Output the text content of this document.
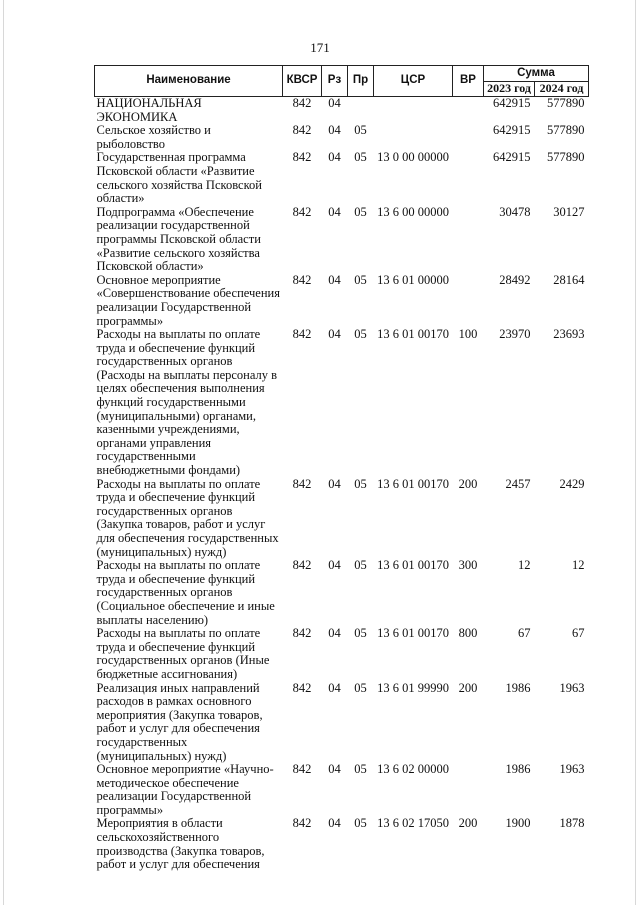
171
Наименование	КВСР	Рз	Пр	ЦСР	ВР	Сумма	
						2023 год	2024 год
НАЦИОНАЛЬНАЯ ЭКОНОМИКА	842	04				642915	577890
Сельское хозяйство и рыболовство	842	04	05			642915	577890
Государственная программа Псковской области «Развитие сельского хозяйства Псковской области»	842	04	05	13 0 00 00000		642915	577890
Подпрограмма «Обеспечение реализации государственной программы Псковской области «Развитие сельского хозяйства Псковской области»	842	04	05	13 6 00 00000		30478	30127
Основное мероприятие «Совершенствование обеспечения реализации Государственной программы»	842	04	05	13 6 01 00000		28492	28164
Расходы на выплаты по оплате труда и обеспечение функций государственных органов (Расходы на выплаты персоналу в целях обеспечения выполнения функций государственными (муниципальными) органами, казенными учреждениями, органами управления государственными внебюджетными фондами)	842	04	05	13 6 01 00170	100	23970	23693
Расходы на выплаты по оплате труда и обеспечение функций государственных органов (Закупка товаров, работ и услуг для обеспечения государственных (муниципальных) нужд)	842	04	05	13 6 01 00170	200	2457	2429
Расходы на выплаты по оплате труда и обеспечение функций государственных органов (Социальное обеспечение и иные выплаты населению)	842	04	05	13 6 01 00170	300	12	12
Расходы на выплаты по оплате труда и обеспечение функций государственных органов (Иные бюджетные ассигнования)	842	04	05	13 6 01 00170	800	67	67
Реализация иных направлений расходов в рамках основного мероприятия (Закупка товаров, работ и услуг для обеспечения государственных (муниципальных) нужд)	842	04	05	13 6 01 99990	200	1986	1963
Основное мероприятие «Научно-методическое обеспечение реализации Государственной программы»	842	04	05	13 6 02 00000		1986	1963
Мероприятия в области сельскохозяйственного производства (Закупка товаров, работ и услуг для обеспечения	842	04	05	13 6 02 17050	200	1900	1878
